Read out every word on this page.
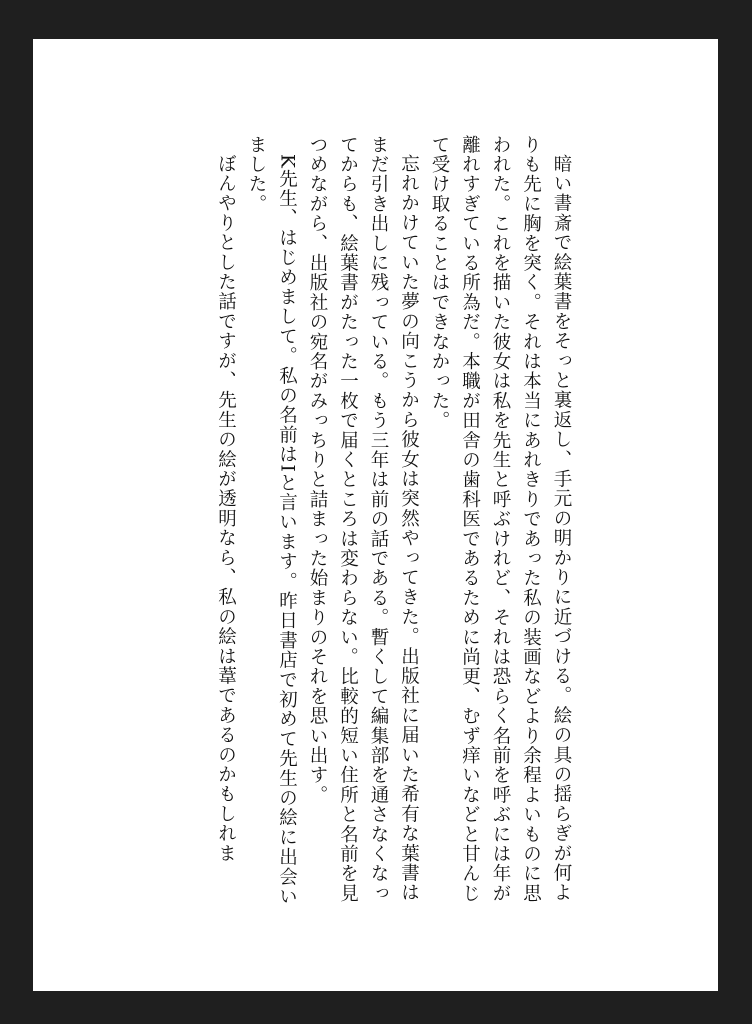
暗い書斎で絵葉書をそっと裏返し、手元の明かりに近づける。絵の具の揺らぎが何よりも先に胸を突く。それは本当にあれきりであった私の装画などより余程よいものに思われた。これを描いた彼女は私を先生と呼ぶけれど、それは恐らく名前を呼ぶには年が離れすぎている所為だ。本職が田舎の歯科医であるために尚更、むず痒いなどと甘んじて受け取ることはできなかった。

忘れかけていた夢の向こうから彼女は突然やってきた。出版社に届いた希有な葉書はまだ引き出しに残っている。もう三年は前の話である。暫くして編集部を通さなくなってからも、絵葉書がたった一枚で届くところは変わらない。比較的短い住所と名前を見つめながら、出版社の宛名がみっちりと詰まった始まりのそれを思い出す。

K先生、はじめまして。私の名前はIと言います。昨日書店で初めて先生の絵に出会いました。

ぼんやりとした話ですが、先生の絵が透明なら、私の絵は葦であるのかもしれま
